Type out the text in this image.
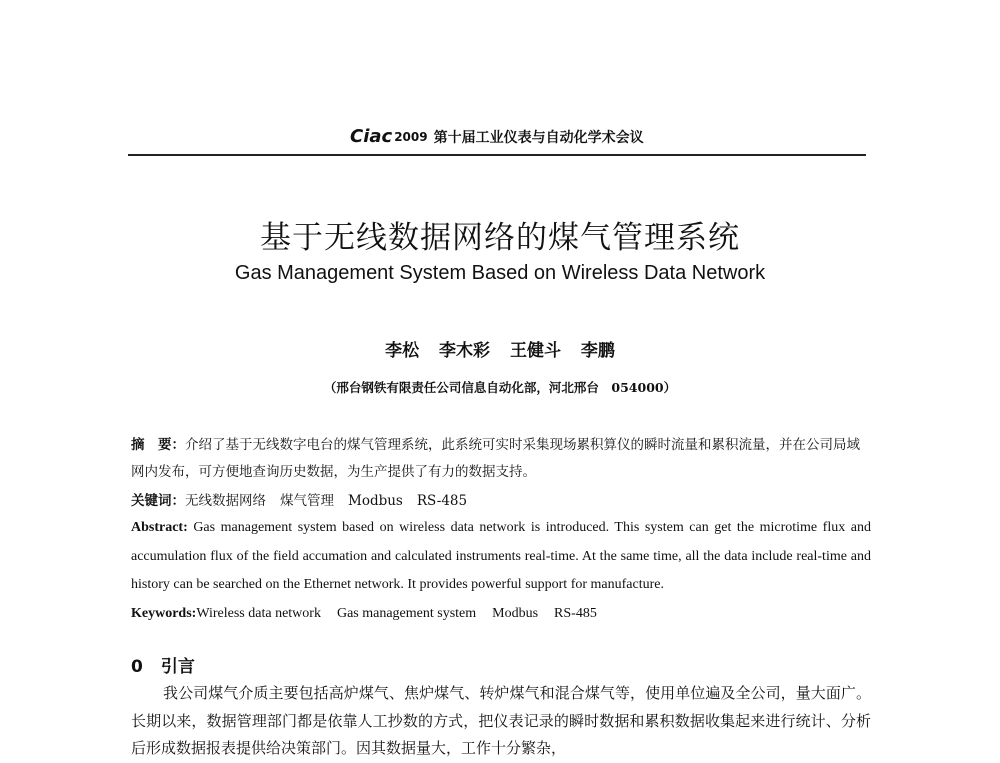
Ciac 2009 第十届工业仪表与自动化学术会议
基于无线数据网络的煤气管理系统
Gas Management System Based on Wireless Data Network
李松 李木彩 王健斗 李鹏
（邢台钢铁有限责任公司信息自动化部，河北邢台　054000）
摘　要：介绍了基于无线数字电台的煤气管理系统，此系统可实时采集现场累积算仪的瞬时流量和累积流量，并在公司局域网内发布，可方便地查询历史数据，为生产提供了有力的数据支持。
关键词：无线数据网络 煤气管理 Modbus RS-485
Abstract: Gas management system based on wireless data network is introduced. This system can get the microtime flux and accumulation flux of the field accumation and calculated instruments real-time. At the same time, all the data include real-time and history can be searched on the Ethernet network. It provides powerful support for manufacture.
Keywords:Wireless data network Gas management system Modbus RS-485
0 引言
我公司煤气介质主要包括高炉煤气、焦炉煤气、转炉煤气和混合煤气等，使用单位遍及全公司，量大面广。长期以来，数据管理部门都是依靠人工抄数的方式，把仪表记录的瞬时数据和累积数据收集起来进行统计、分析后形成数据报表提供给决策部门。因其数据量大，工作十分繁杂，
